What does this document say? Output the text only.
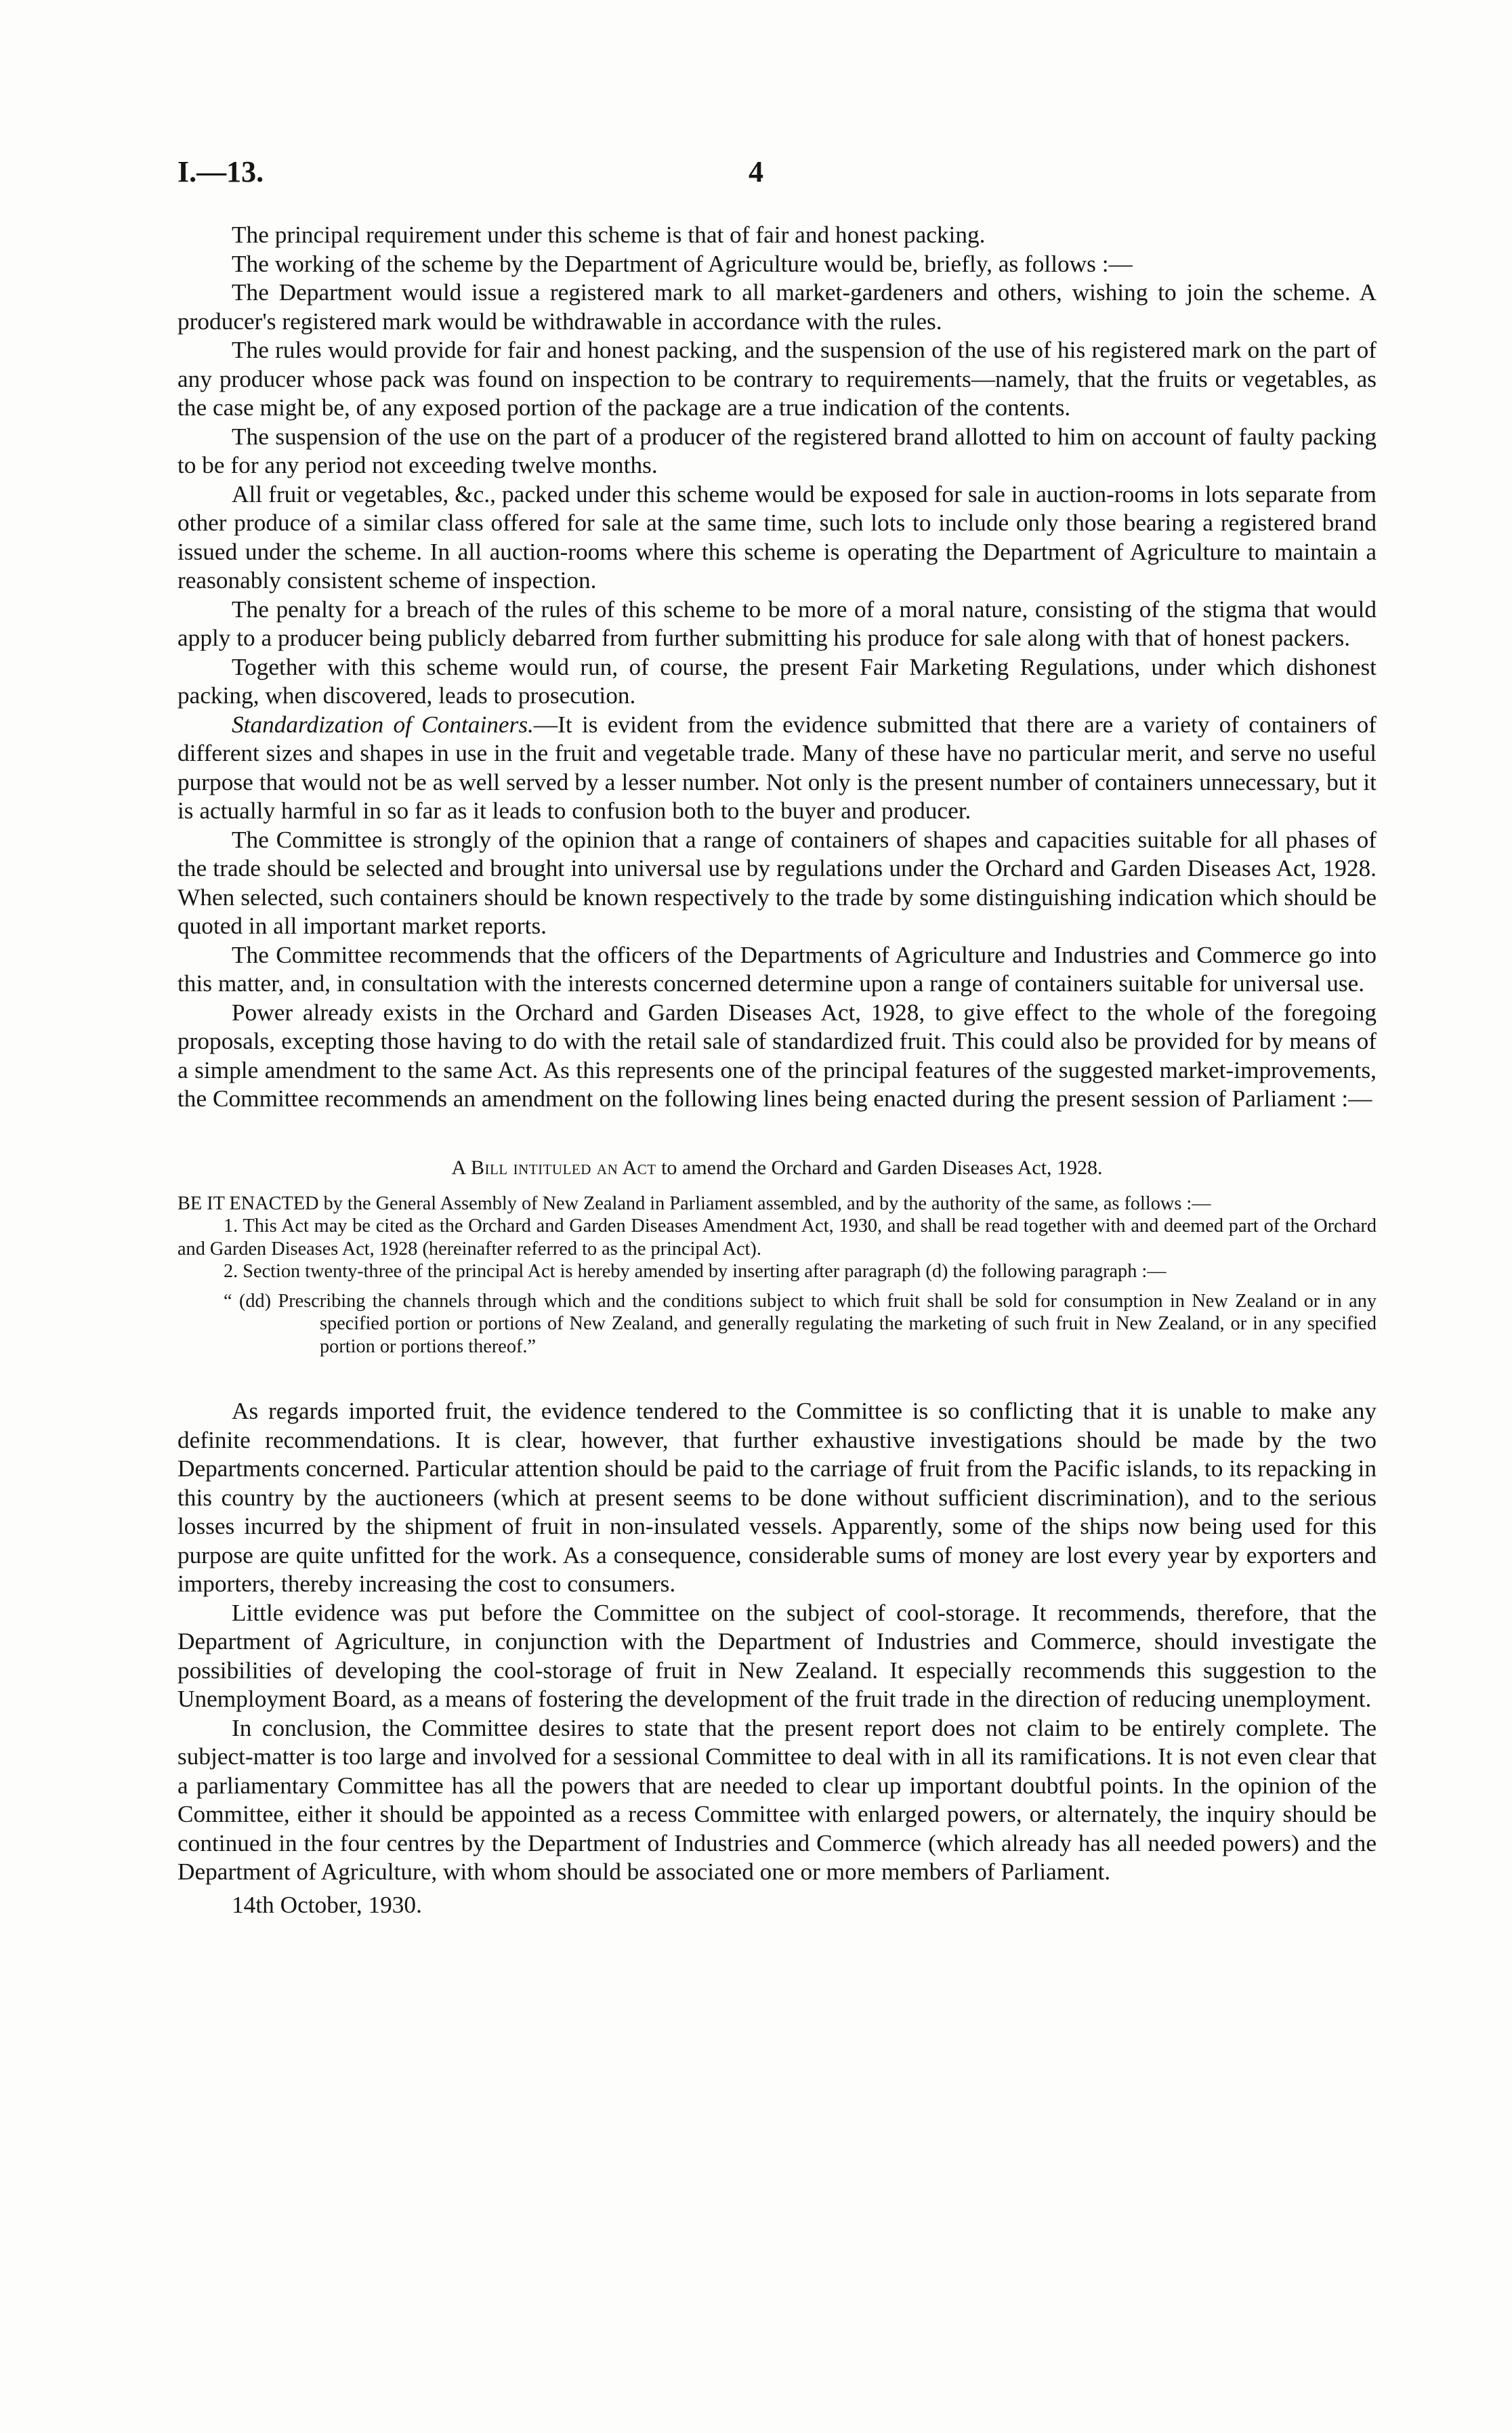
I.—13.	4

The principal requirement under this scheme is that of fair and honest packing.

The working of the scheme by the Department of Agriculture would be, briefly, as follows :—

The Department would issue a registered mark to all market-gardeners and others, wishing to join the scheme. A producer's registered mark would be withdrawable in accordance with the rules.

The rules would provide for fair and honest packing, and the suspension of the use of his registered mark on the part of any producer whose pack was found on inspection to be contrary to requirements—namely, that the fruits or vegetables, as the case might be, of any exposed portion of the package are a true indication of the contents.

The suspension of the use on the part of a producer of the registered brand allotted to him on account of faulty packing to be for any period not exceeding twelve months.

All fruit or vegetables, &c., packed under this scheme would be exposed for sale in auction-rooms in lots separate from other produce of a similar class offered for sale at the same time, such lots to include only those bearing a registered brand issued under the scheme. In all auction-rooms where this scheme is operating the Department of Agriculture to maintain a reasonably consistent scheme of inspection.

The penalty for a breach of the rules of this scheme to be more of a moral nature, consisting of the stigma that would apply to a producer being publicly debarred from further submitting his produce for sale along with that of honest packers.

Together with this scheme would run, of course, the present Fair Marketing Regulations, under which dishonest packing, when discovered, leads to prosecution.

Standardization of Containers.—It is evident from the evidence submitted that there are a variety of containers of different sizes and shapes in use in the fruit and vegetable trade. Many of these have no particular merit, and serve no useful purpose that would not be as well served by a lesser number. Not only is the present number of containers unnecessary, but it is actually harmful in so far as it leads to confusion both to the buyer and producer.

The Committee is strongly of the opinion that a range of containers of shapes and capacities suitable for all phases of the trade should be selected and brought into universal use by regulations under the Orchard and Garden Diseases Act, 1928. When selected, such containers should be known respectively to the trade by some distinguishing indication which should be quoted in all important market reports.

The Committee recommends that the officers of the Departments of Agriculture and Industries and Commerce go into this matter, and, in consultation with the interests concerned determine upon a range of containers suitable for universal use.

Power already exists in the Orchard and Garden Diseases Act, 1928, to give effect to the whole of the foregoing proposals, excepting those having to do with the retail sale of standardized fruit. This could also be provided for by means of a simple amendment to the same Act. As this represents one of the principal features of the suggested market-improvements, the Committee recommends an amendment on the following lines being enacted during the present session of Parliament :—

A Bill intituled an Act to amend the Orchard and Garden Diseases Act, 1928.

BE IT ENACTED by the General Assembly of New Zealand in Parliament assembled, and by the authority of the same, as follows :—

1. This Act may be cited as the Orchard and Garden Diseases Amendment Act, 1930, and shall be read together with and deemed part of the Orchard and Garden Diseases Act, 1928 (hereinafter referred to as the principal Act).

2. Section twenty-three of the principal Act is hereby amended by inserting after paragraph (d) the following paragraph :—

“ (dd) Prescribing the channels through which and the conditions subject to which fruit shall be sold for consumption in New Zealand or in any specified portion or portions of New Zealand, and generally regulating the marketing of such fruit in New Zealand, or in any specified portion or portions thereof.”

As regards imported fruit, the evidence tendered to the Committee is so conflicting that it is unable to make any definite recommendations. It is clear, however, that further exhaustive investigations should be made by the two Departments concerned. Particular attention should be paid to the carriage of fruit from the Pacific islands, to its repacking in this country by the auctioneers (which at present seems to be done without sufficient discrimination), and to the serious losses incurred by the shipment of fruit in non-insulated vessels. Apparently, some of the ships now being used for this purpose are quite unfitted for the work. As a consequence, considerable sums of money are lost every year by exporters and importers, thereby increasing the cost to consumers.

Little evidence was put before the Committee on the subject of cool-storage. It recommends, therefore, that the Department of Agriculture, in conjunction with the Department of Industries and Commerce, should investigate the possibilities of developing the cool-storage of fruit in New Zealand. It especially recommends this suggestion to the Unemployment Board, as a means of fostering the development of the fruit trade in the direction of reducing unemployment.

In conclusion, the Committee desires to state that the present report does not claim to be entirely complete. The subject-matter is too large and involved for a sessional Committee to deal with in all its ramifications. It is not even clear that a parliamentary Committee has all the powers that are needed to clear up important doubtful points. In the opinion of the Committee, either it should be appointed as a recess Committee with enlarged powers, or alternately, the inquiry should be continued in the four centres by the Department of Industries and Commerce (which already has all needed powers) and the Department of Agriculture, with whom should be associated one or more members of Parliament.

14th October, 1930.
